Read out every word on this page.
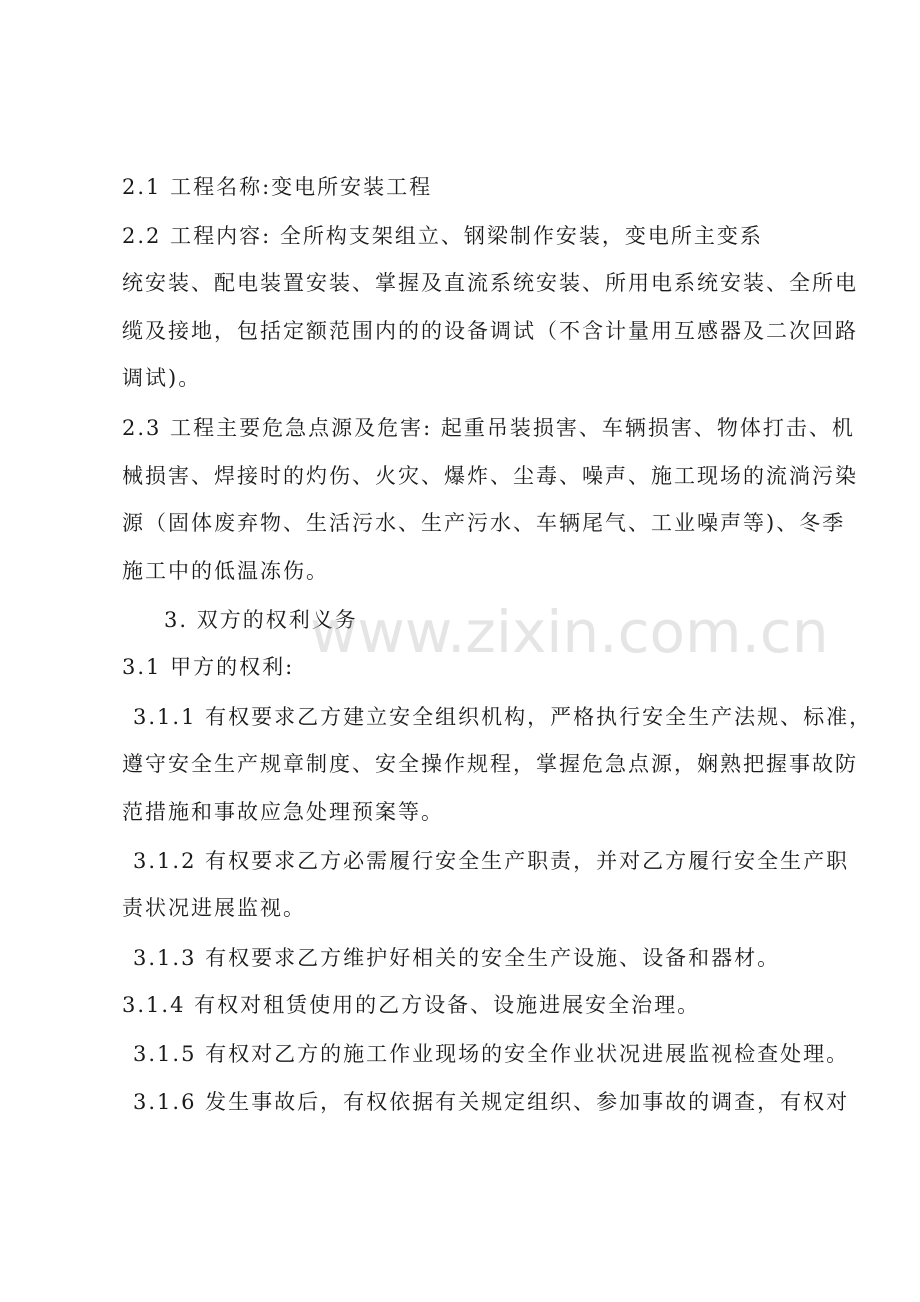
2.1 工程名称:变电所安装工程
2.2 工程内容: 全所构支架组立、钢梁制作安装，变电所主变系
统安装、配电装置安装、掌握及直流系统安装、所用电系统安装、全所电
缆及接地，包括定额范围内的的设备调试（不含计量用互感器及二次回路
调试)。
2.3 工程主要危急点源及危害: 起重吊装损害、车辆损害、物体打击、机
械损害、焊接时的灼伤、火灾、爆炸、尘毒、噪声、施工现场的流淌污染
源（固体废弃物、生活污水、生产污水、车辆尾气、工业噪声等)、冬季
施工中的低温冻伤。
3. 双方的权利义务
3.1 甲方的权利:
3.1.1 有权要求乙方建立安全组织机构，严格执行安全生产法规、标准，
遵守安全生产规章制度、安全操作规程，掌握危急点源，娴熟把握事故防
范措施和事故应急处理预案等。
3.1.2 有权要求乙方必需履行安全生产职责，并对乙方履行安全生产职
责状况进展监视。
3.1.3 有权要求乙方维护好相关的安全生产设施、设备和器材。
3.1.4 有权对租赁使用的乙方设备、设施进展安全治理。
3.1.5 有权对乙方的施工作业现场的安全作业状况进展监视检查处理。
3.1.6 发生事故后，有权依据有关规定组织、参加事故的调查，有权对
www.zixin.com.cn
